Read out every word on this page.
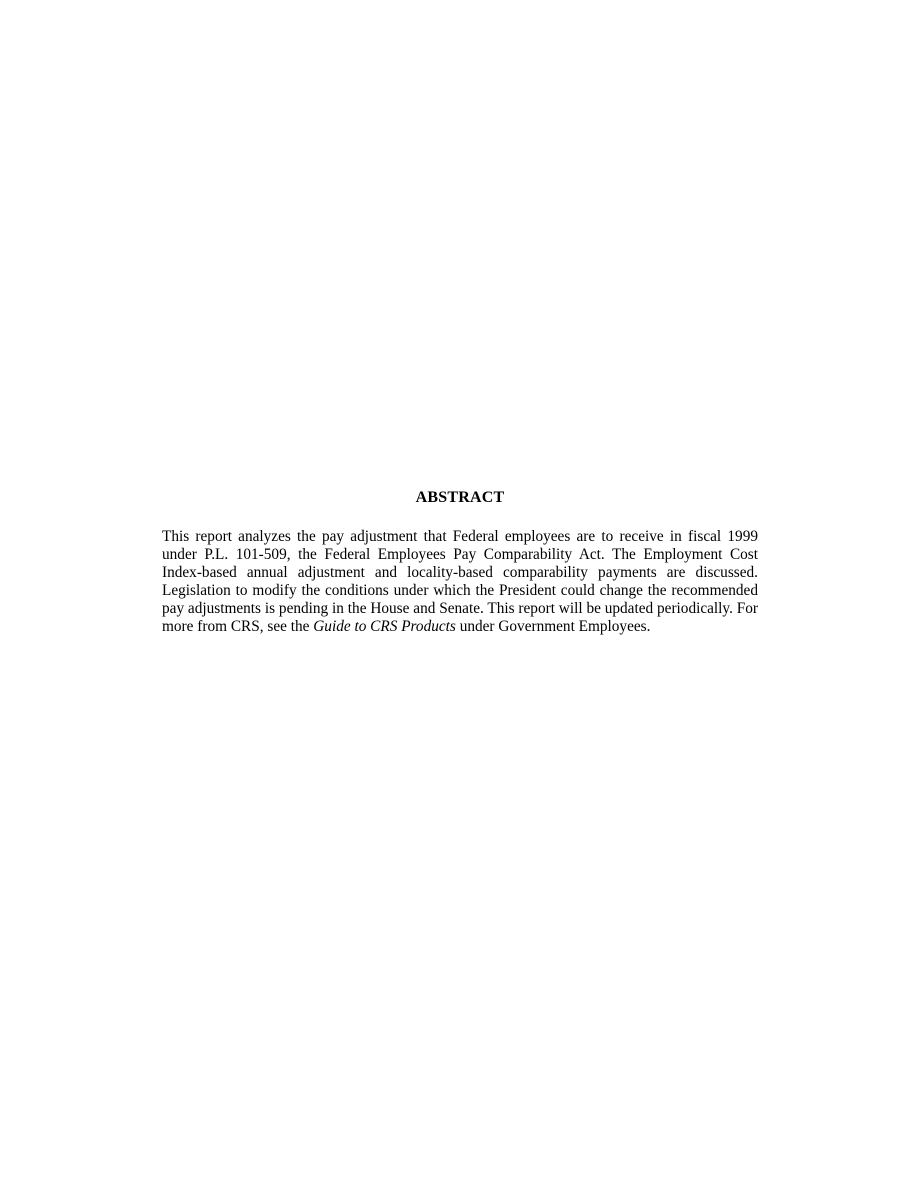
ABSTRACT

This report analyzes the pay adjustment that Federal employees are to receive in fiscal 1999 under P.L. 101-509, the Federal Employees Pay Comparability Act. The Employment Cost Index-based annual adjustment and locality-based comparability payments are discussed. Legislation to modify the conditions under which the President could change the recommended pay adjustments is pending in the House and Senate. This report will be updated periodically. For more from CRS, see the Guide to CRS Products under Government Employees.
